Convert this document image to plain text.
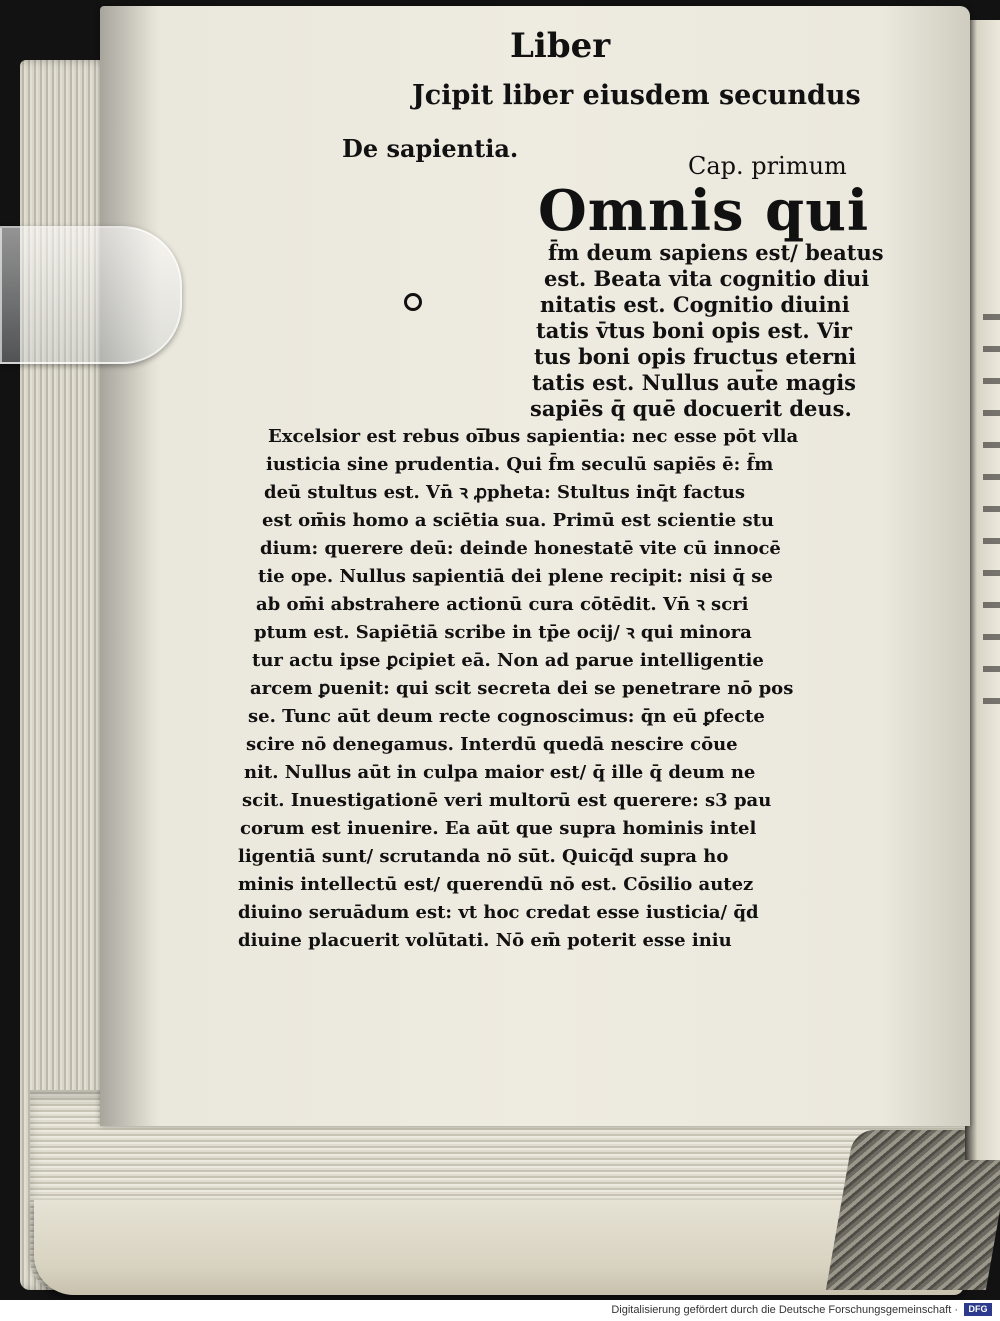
Liber
Jcipit liber eiusdem secundus
De sapientia.
Cap. primum
Omnis qui
f̄m deum sapiens est/ beatus
est. Beata vita cognitio diui
nitatis est. Cognitio diuini
tatis v̄tus boni opis est. Vir
tus boni opis fructus eterni
tatis est. Nullus aut̄e magis
sapiēs q̄ quē docuerit deus.
Excelsior est rebus oi̅bus sapientia: nec esse pōt vlla
iusticia sine prudentia. Qui f̄m seculū sapiēs ē: f̄m
deū stultus est. Vn̄ ꝛ ꝓpheta: Stultus inq̄t factus
est om̄is homo a sciētia sua. Primū est scientie stu
dium: querere deū: deinde honestatē vite cū innocē
tie ope. Nullus sapientiā dei plene recipit: nisi q̄ se
ab om̄i abstrahere actionū cura cōtēdit. Vn̄ ꝛ scri
ptum est. Sapiētiā scribe in tp̄e ocij/ ꝛ qui minora
tur actu ipse ꝑcipiet eā. Non ad parue intelligentie
arcem ꝑuenit: qui scit secreta dei se penetrare nō pos
se. Tunc aūt deum recte cognoscimus: q̄n eū ꝑfecte
scire nō denegamus. Interdū quedā nescire cōue
nit. Nullus aūt in culpa maior est/ q̄ ille q̄ deum ne
scit. Inuestigationē veri multorū est querere: s3 pau
corum est inuenire. Ea aūt que supra hominis intel
ligentiā sunt/ scrutanda nō sūt. Quicq̄d supra ho
minis intellectū est/ querendū nō est. Cōsilio autez
diuino seruādum est: vt hoc credat esse iusticia/ q̄d
diuine placuerit volūtati. Nō em̄ poterit esse iniu
Digitalisierung gefördert durch die Deutsche Forschungsgemeinschaft ·	DFG
